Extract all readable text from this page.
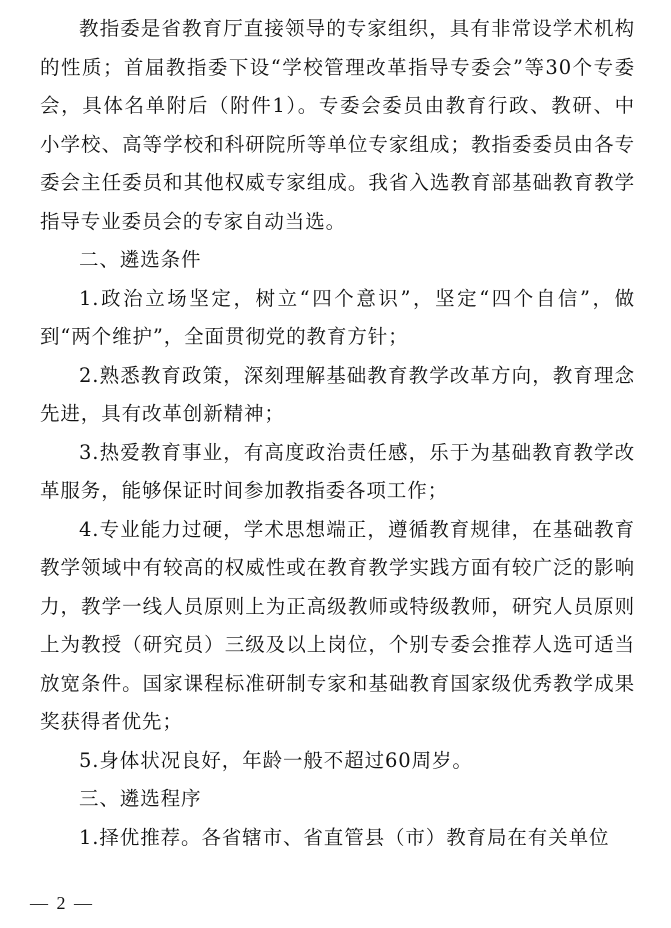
教指委是省教育厅直接领导的专家组织，具有非常设学术机构的性质；首届教指委下设“学校管理改革指导专委会”等30个专委会，具体名单附后（附件1）。专委会委员由教育行政、教研、中小学校、高等学校和科研院所等单位专家组成；教指委委员由各专委会主任委员和其他权威专家组成。我省入选教育部基础教育教学指导专业委员会的专家自动当选。

二、遴选条件

1.政治立场坚定，树立“四个意识”，坚定“四个自信”，做到“两个维护”，全面贯彻党的教育方针；

2.熟悉教育政策，深刻理解基础教育教学改革方向，教育理念先进，具有改革创新精神；

3.热爱教育事业，有高度政治责任感，乐于为基础教育教学改革服务，能够保证时间参加教指委各项工作；

4.专业能力过硬，学术思想端正，遵循教育规律，在基础教育教学领域中有较高的权威性或在教育教学实践方面有较广泛的影响力，教学一线人员原则上为正高级教师或特级教师，研究人员原则上为教授（研究员）三级及以上岗位，个别专委会推荐人选可适当放宽条件。国家课程标准研制专家和基础教育国家级优秀教学成果奖获得者优先；

5.身体状况良好，年龄一般不超过60周岁。

三、遴选程序

1.择优推荐。各省辖市、省直管县（市）教育局在有关单位

— 2 —
